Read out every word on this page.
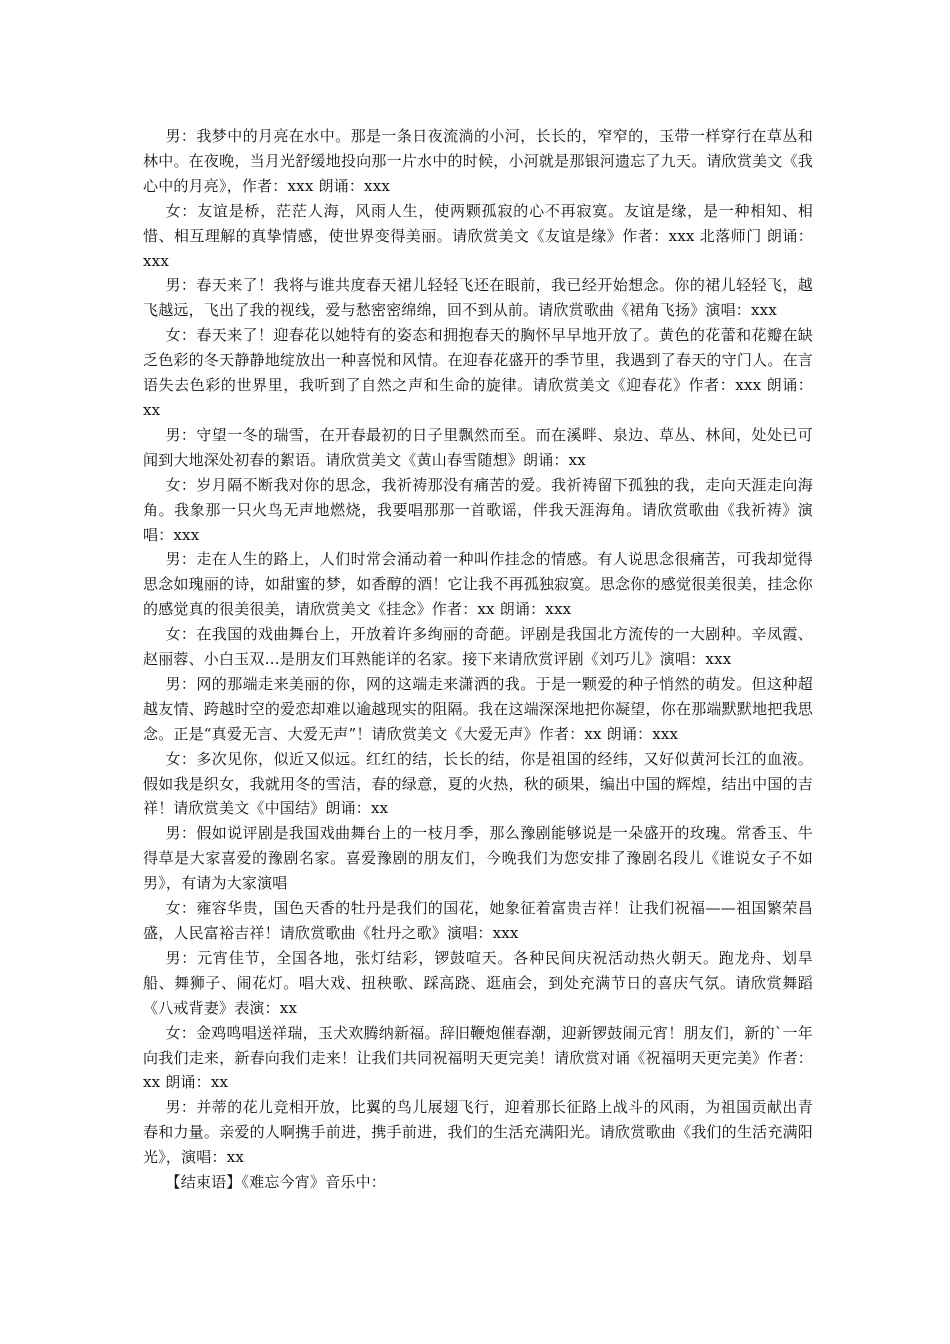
男：我梦中的月亮在水中。那是一条日夜流淌的小河，长长的，窄窄的，玉带一样穿行在草丛和林中。在夜晚，当月光舒缓地投向那一片水中的时候，小河就是那银河遗忘了九天。请欣赏美文《我心中的月亮》，作者：xxx 朗诵：xxx

女：友谊是桥，茫茫人海，风雨人生，使两颗孤寂的心不再寂寞。友谊是缘，是一种相知、相惜、相互理解的真挚情感，使世界变得美丽。请欣赏美文《友谊是缘》作者：xxx 北落师门 朗诵：xxx

男：春天来了！我将与谁共度春天裙儿轻轻飞还在眼前，我已经开始想念。你的裙儿轻轻飞，越飞越远，飞出了我的视线，爱与愁密密绵绵，回不到从前。请欣赏歌曲《裙角飞扬》演唱：xxx

女：春天来了！迎春花以她特有的姿态和拥抱春天的胸怀早早地开放了。黄色的花蕾和花瓣在缺乏色彩的冬天静静地绽放出一种喜悦和风情。在迎春花盛开的季节里，我遇到了春天的守门人。在言语失去色彩的世界里，我听到了自然之声和生命的旋律。请欣赏美文《迎春花》作者：xxx 朗诵：xx

男：守望一冬的瑞雪，在开春最初的日子里飘然而至。而在溪畔、泉边、草丛、林间，处处已可闻到大地深处初春的絮语。请欣赏美文《黄山春雪随想》朗诵：xx

女：岁月隔不断我对你的思念，我祈祷那没有痛苦的爱。我祈祷留下孤独的我，走向天涯走向海角。我象那一只火鸟无声地燃烧，我要唱那那一首歌谣，伴我天涯海角。请欣赏歌曲《我祈祷》演唱：xxx

男：走在人生的路上，人们时常会涌动着一种叫作挂念的情感。有人说思念很痛苦，可我却觉得思念如瑰丽的诗，如甜蜜的梦，如香醇的酒！它让我不再孤独寂寞。思念你的感觉很美很美，挂念你的感觉真的很美很美，请欣赏美文《挂念》作者：xx 朗诵：xxx

女：在我国的戏曲舞台上，开放着许多绚丽的奇葩。评剧是我国北方流传的一大剧种。辛凤霞、赵丽蓉、小白玉双…是朋友们耳熟能详的名家。接下来请欣赏评剧《刘巧儿》演唱：xxx

男：网的那端走来美丽的你，网的这端走来潇洒的我。于是一颗爱的种子悄然的萌发。但这种超越友情、跨越时空的爱恋却难以逾越现实的阻隔。我在这端深深地把你凝望，你在那端默默地把我思念。正是“真爱无言、大爱无声”！请欣赏美文《大爱无声》作者：xx 朗诵：xxx

女：多次见你，似近又似远。红红的结，长长的结，你是祖国的经纬，又好似黄河长江的血液。假如我是织女，我就用冬的雪洁，春的绿意，夏的火热，秋的硕果，编出中国的辉煌，结出中国的吉祥！请欣赏美文《中国结》朗诵：xx

男：假如说评剧是我国戏曲舞台上的一枝月季，那么豫剧能够说是一朵盛开的玫瑰。常香玉、牛得草是大家喜爱的豫剧名家。喜爱豫剧的朋友们，今晚我们为您安排了豫剧名段儿《谁说女子不如男》，有请为大家演唱

女：雍容华贵，国色天香的牡丹是我们的国花，她象征着富贵吉祥！让我们祝福——祖国繁荣昌盛，人民富裕吉祥！请欣赏歌曲《牡丹之歌》演唱：xxx

男：元宵佳节，全国各地，张灯结彩，锣鼓喧天。各种民间庆祝活动热火朝天。跑龙舟、划旱船、舞狮子、闹花灯。唱大戏、扭秧歌、踩高跷、逛庙会，到处充满节日的喜庆气氛。请欣赏舞蹈《八戒背妻》表演：xx

女：金鸡鸣唱送祥瑞，玉犬欢腾纳新福。辞旧鞭炮催春潮，迎新锣鼓闹元宵！朋友们，新的`一年向我们走来，新春向我们走来！让我们共同祝福明天更完美！请欣赏对诵《祝福明天更完美》作者：xx 朗诵：xx

男：并蒂的花儿竞相开放，比翼的鸟儿展翅飞行，迎着那长征路上战斗的风雨，为祖国贡献出青春和力量。亲爱的人啊携手前进，携手前进，我们的生活充满阳光。请欣赏歌曲《我们的生活充满阳光》，演唱：xx

【结束语】《难忘今宵》音乐中：
